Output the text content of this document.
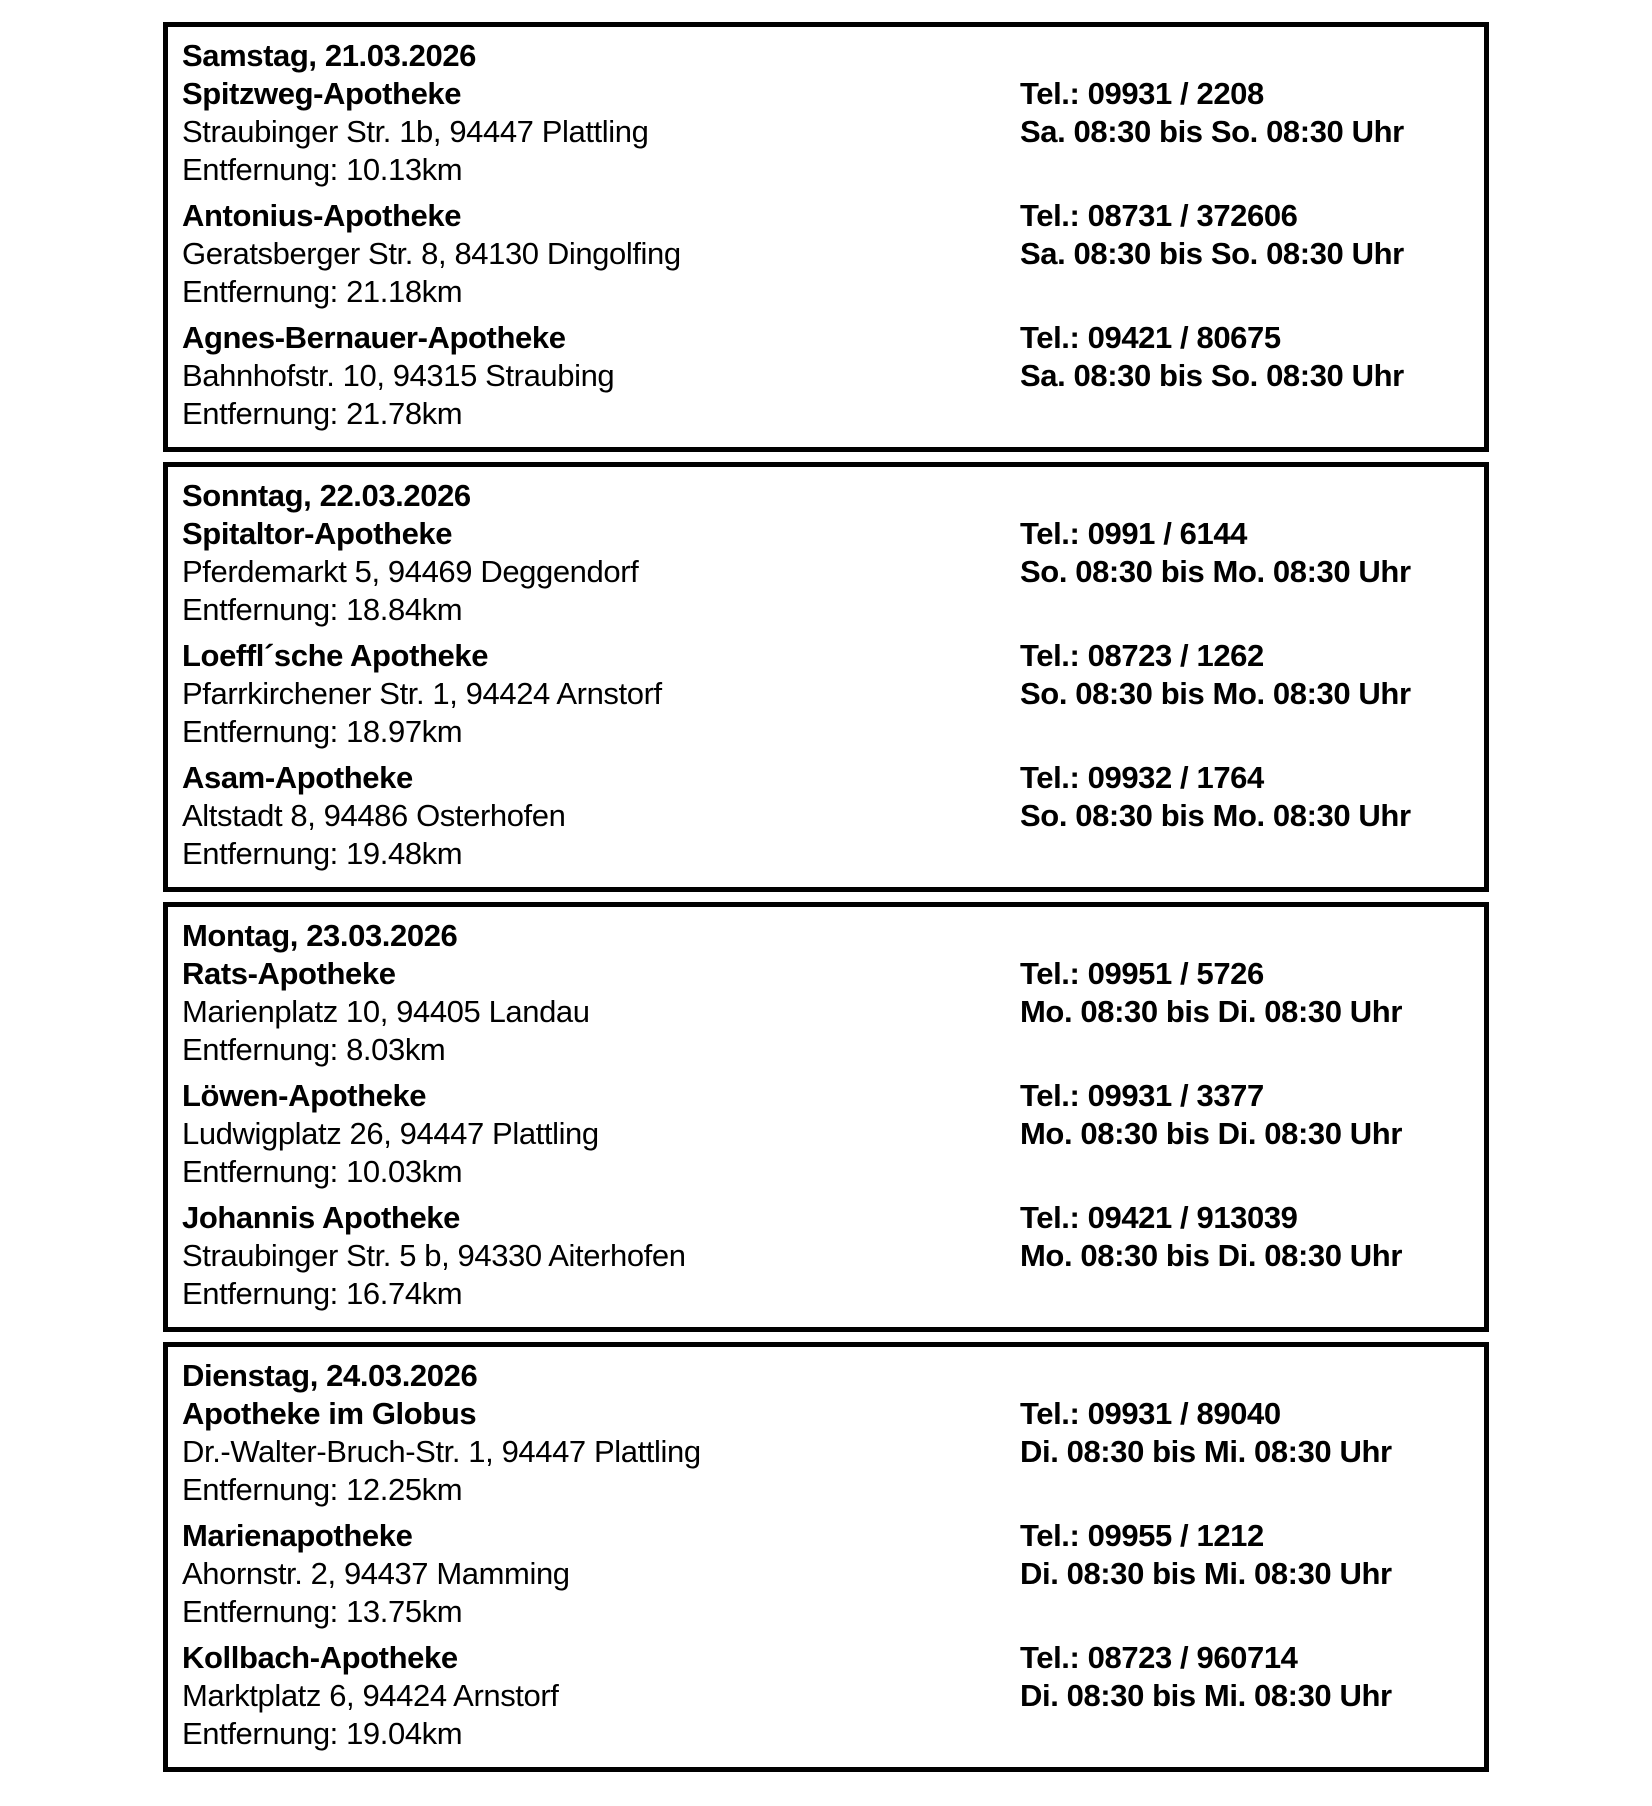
Samstag, 21.03.2026
Spitzweg-Apotheke	Tel.: 09931 / 2208
Straubinger Str. 1b, 94447 Plattling	Sa. 08:30 bis So. 08:30 Uhr
Entfernung: 10.13km
Antonius-Apotheke	Tel.: 08731 / 372606
Geratsberger Str. 8, 84130 Dingolfing	Sa. 08:30 bis So. 08:30 Uhr
Entfernung: 21.18km
Agnes-Bernauer-Apotheke	Tel.: 09421 / 80675
Bahnhofstr. 10, 94315 Straubing	Sa. 08:30 bis So. 08:30 Uhr
Entfernung: 21.78km
Sonntag, 22.03.2026
Spitaltor-Apotheke	Tel.: 0991 / 6144
Pferdemarkt 5, 94469 Deggendorf	So. 08:30 bis Mo. 08:30 Uhr
Entfernung: 18.84km
Loeffl´sche Apotheke	Tel.: 08723 / 1262
Pfarrkirchener Str. 1, 94424 Arnstorf	So. 08:30 bis Mo. 08:30 Uhr
Entfernung: 18.97km
Asam-Apotheke	Tel.: 09932 / 1764
Altstadt 8, 94486 Osterhofen	So. 08:30 bis Mo. 08:30 Uhr
Entfernung: 19.48km
Montag, 23.03.2026
Rats-Apotheke	Tel.: 09951 / 5726
Marienplatz 10, 94405 Landau	Mo. 08:30 bis Di. 08:30 Uhr
Entfernung: 8.03km
Löwen-Apotheke	Tel.: 09931 / 3377
Ludwigplatz 26, 94447 Plattling	Mo. 08:30 bis Di. 08:30 Uhr
Entfernung: 10.03km
Johannis Apotheke	Tel.: 09421 / 913039
Straubinger Str. 5 b, 94330 Aiterhofen	Mo. 08:30 bis Di. 08:30 Uhr
Entfernung: 16.74km
Dienstag, 24.03.2026
Apotheke im Globus	Tel.: 09931 / 89040
Dr.-Walter-Bruch-Str. 1, 94447 Plattling	Di. 08:30 bis Mi. 08:30 Uhr
Entfernung: 12.25km
Marienapotheke	Tel.: 09955 / 1212
Ahornstr. 2, 94437 Mamming	Di. 08:30 bis Mi. 08:30 Uhr
Entfernung: 13.75km
Kollbach-Apotheke	Tel.: 08723 / 960714
Marktplatz 6, 94424 Arnstorf	Di. 08:30 bis Mi. 08:30 Uhr
Entfernung: 19.04km
